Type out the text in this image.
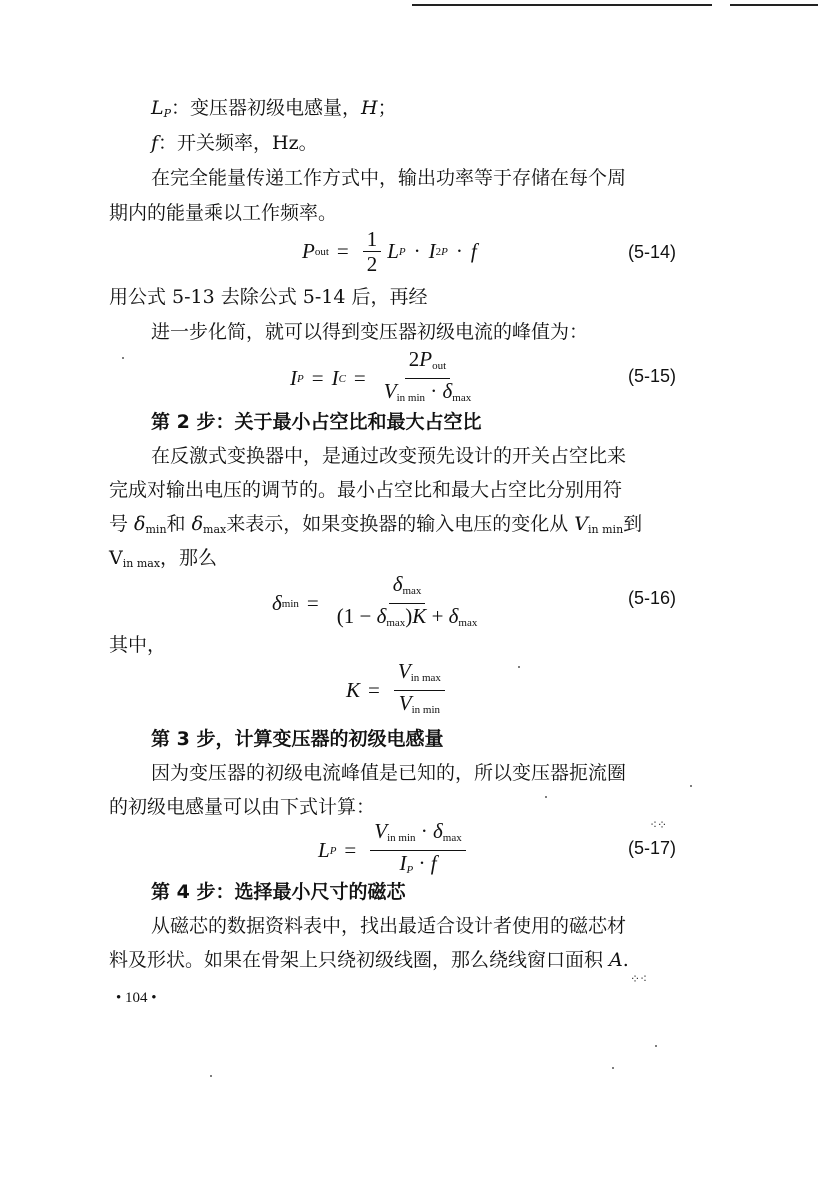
$L_P$：变压器初级电感量，H；
f：开关频率，Hz。
在完全能量传递工作方式中，输出功率等于存储在每个周
期内的能量乘以工作频率。
P out = $\frac{1}{2}$ L P · I 2 P · f	(5-14)
用公式 5-13 去除公式 5-14 后，再经
进一步化简，就可以得到变压器初级电流的峰值为：
I P = I $C = \frac{2P_{out}}{V_{in min} \cdot \delta_{max}}$	(5-15)
第 2 步：关于最小占空比和最大占空比
在反激式变换器中，是通过改变预先设计的开关占空比来
完成对输出电压的调节的。最小占空比和最大占空比分别用符
号 $\delta_{min}$和 $\delta_{max}$来表示，如果变换器的输入电压的变化从 $V_{in min}$到
$V_{in max}$，那么
δ $\min = \frac{\delta_{max}}{(1 - \delta_{max})K + \delta_{max}}$	(5-16)
其中，
$K = \frac{V_{in max}}{V_{in min}}$
第 3 步，计算变压器的初级电感量
因为变压器的初级电流峰值是已知的，所以变压器扼流圈
的初级电感量可以由下式计算：
L $P = \frac{V_{in min} \cdot \delta_{max}}{I_P \cdot f}$	(5-17)
第 4 步：选择最小尺寸的磁芯
从磁芯的数据资料表中，找出最适合设计者使用的磁芯材
料及形状。如果在骨架上只绕初级线圈，那么绕线窗口面积 A.
• 104 •
⁖⁘
⁘⁖
